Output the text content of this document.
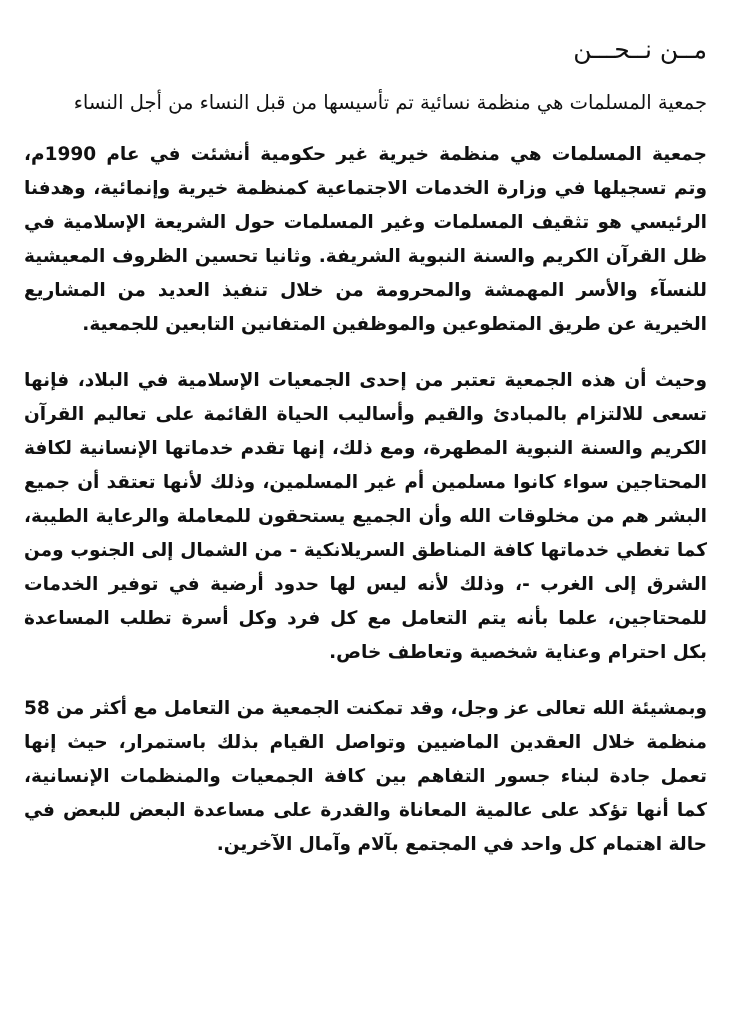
مــن نــحـــن

جمعية المسلمات هي منظمة نسائية تم تأسيسها من قبل النساء من أجل النساء

جمعية المسلمات هي منظمة خيرية غير حكومية أنشئت في عام 1990م، وتم تسجيلها في وزارة الخدمات الاجتماعية كمنظمة خيرية وإنمائية، وهدفنا الرئيسي هو تثقيف المسلمات وغير المسلمات حول الشريعة الإسلامية في ظل القرآن الكريم والسنة النبوية الشريفة. وثانيا تحسين الظروف المعيشية للنسآء والأسر المهمشة والمحرومة من خلال تنفيذ العديد من المشاريع الخيرية عن طريق المتطوعين والموظفين المتفانين التابعين للجمعية.

وحيث أن هذه الجمعية تعتبر من إحدى الجمعيات الإسلامية في البلاد، فإنها تسعى للالتزام بالمبادئ والقيم وأساليب الحياة القائمة على تعاليم القرآن الكريم والسنة النبوية المطهرة، ومع ذلك، إنها تقدم خدماتها الإنسانية لكافة المحتاجين سواء كانوا مسلمين أم غير المسلمين، وذلك لأنها تعتقد أن جميع البشر هم من مخلوقات الله وأن الجميع يستحقون للمعاملة والرعاية الطيبة، كما تغطي خدماتها كافة المناطق السريلانكية - من الشمال إلى الجنوب ومن الشرق إلى الغرب -، وذلك لأنه ليس لها حدود أرضية في توفير الخدمات للمحتاجين، علما بأنه يتم التعامل مع كل فرد وكل أسرة تطلب المساعدة بكل احترام وعناية شخصية وتعاطف خاص.

وبمشيئة الله تعالى عز وجل، وقد تمكنت الجمعية من التعامل مع أكثر من 58 منظمة خلال العقدين الماضيين وتواصل القيام بذلك باستمرار، حيث إنها تعمل جادة لبناء جسور التفاهم بين كافة الجمعيات والمنظمات الإنسانية، كما أنها تؤكد على عالمية المعاناة والقدرة على مساعدة البعض للبعض في حالة اهتمام كل واحد في المجتمع بآلام وآمال الآخرين.
